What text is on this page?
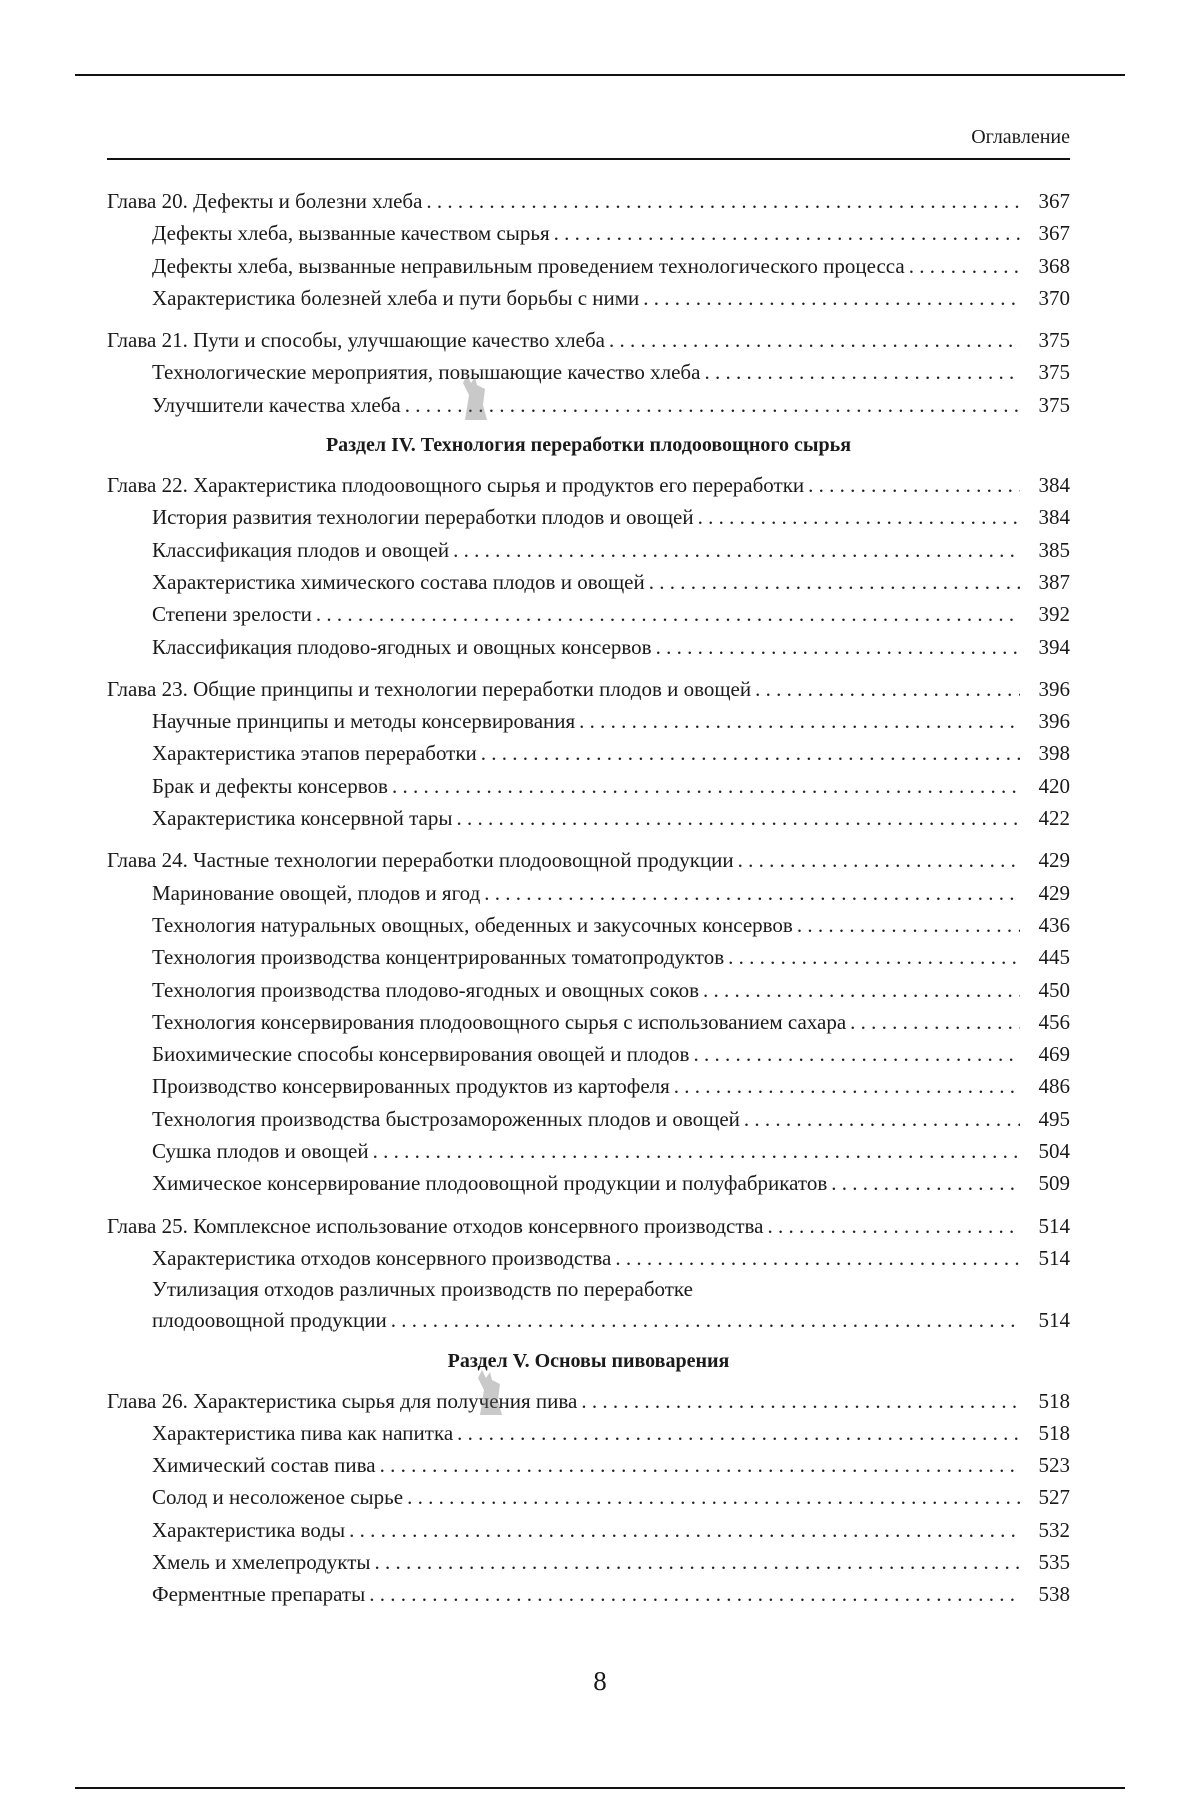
Оглавление
Глава 20. Дефекты и болезни хлеба . . .	367
Дефекты хлеба, вызванные качеством сырья . . .	367
Дефекты хлеба, вызванные неправильным проведением технологического процесса . . .	368
Характеристика болезней хлеба и пути борьбы с ними . . .	370
Глава 21. Пути и способы, улучшающие качество хлеба . . .	375
Технологические мероприятия, повышающие качество хлеба . . .	375
Улучшители качества хлеба . . .	375
Раздел IV. Технология переработки плодоовощного сырья
Глава 22. Характеристика плодоовощного сырья и продуктов его переработки . . .	384
История развития технологии переработки плодов и овощей . . .	384
Классификация плодов и овощей . . .	385
Характеристика химического состава плодов и овощей . . .	387
Степени зрелости . . .	392
Классификация плодово-ягодных и овощных консервов . . .	394
Глава 23. Общие принципы и технологии переработки плодов и овощей . . .	396
Научные принципы и методы консервирования . . .	396
Характеристика этапов переработки . . .	398
Брак и дефекты консервов . . .	420
Характеристика консервной тары . . .	422
Глава 24. Частные технологии переработки плодоовощной продукции . . .	429
Маринование овощей, плодов и ягод . . .	429
Технология натуральных овощных, обеденных и закусочных консервов . . .	436
Технология производства концентрированных томатопродуктов . . .	445
Технология производства плодово-ягодных и овощных соков . . .	450
Технология консервирования плодоовощного сырья с использованием сахара . . .	456
Биохимические способы консервирования овощей и плодов . . .	469
Производство консервированных продуктов из картофеля . . .	486
Технология производства быстрозамороженных плодов и овощей . . .	495
Сушка плодов и овощей . . .	504
Химическое консервирование плодоовощной продукции и полуфабрикатов . . .	509
Глава 25. Комплексное использование отходов консервного производства . . .	514
Характеристика отходов консервного производства . . .	514
Утилизация отходов различных производств по переработке
плодоовощной продукции . . .	514
Раздел V. Основы пивоварения
Глава 26. Характеристика сырья для получения пива . . .	518
Характеристика пива как напитка . . .	518
Химический состав пива . . .	523
Солод и несоложеное сырье . . .	527
Характеристика воды . . .	532
Хмель и хмелепродукты . . .	535
Ферментные препараты . . .	538
8
